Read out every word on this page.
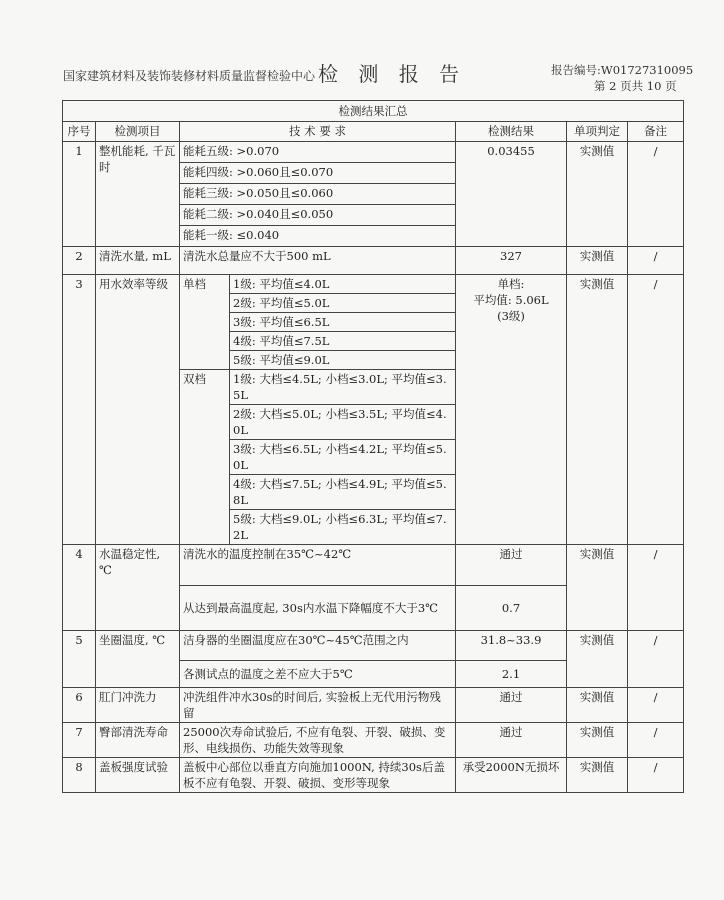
国家建筑材料及装饰装修材料质量监督检验中心 检 测 报 告	报告编号:W01727310095
第 2 页共 10 页
检测结果汇总						
序号	检测项目	技 术 要 求		检测结果	单项判定	备注
1	整机能耗, 千瓦时	能耗五级: >0.070		0.03455	实测值	/
		能耗四级: >0.060且≤0.070				
		能耗三级: >0.050且≤0.060				
		能耗二级: >0.040且≤0.050				
		能耗一级: ≤0.040				
2	清洗水量, mL	清洗水总量应不大于500 mL		327	实测值	/
3	用水效率等级	单档	1级: 平均值≤4.0L	单档:
平均值: 5.06L
(3级)	实测值	/
			2级: 平均值≤5.0L			
			3级: 平均值≤6.5L			
			4级: 平均值≤7.5L			
			5级: 平均值≤9.0L			
		双档	1级: 大档≤4.5L; 小档≤3.0L; 平均值≤3.5L			
			2级: 大档≤5.0L; 小档≤3.5L; 平均值≤4.0L			
			3级: 大档≤6.5L; 小档≤4.2L; 平均值≤5.0L			
			4级: 大档≤7.5L; 小档≤4.9L; 平均值≤5.8L			
			5级: 大档≤9.0L; 小档≤6.3L; 平均值≤7.2L			
4	水温稳定性, ℃	清洗水的温度控制在35℃~42℃		通过	实测值	/
		从达到最高温度起, 30s内水温下降幅度不大于3℃		0.7		
5	坐圈温度, ℃	洁身器的坐圈温度应在30℃~45℃范围之内		31.8~33.9	实测值	/
		各测试点的温度之差不应大于5℃		2.1		
6	肛门冲洗力	冲洗组件冲水30s的时间后, 实验板上无代用污物残留		通过	实测值	/
7	臀部清洗寿命	25000次寿命试验后, 不应有龟裂、开裂、破损、变形、电线损伤、功能失效等现象		通过	实测值	/
8	盖板强度试验	盖板中心部位以垂直方向施加1000N, 持续30s后盖板不应有龟裂、开裂、破损、变形等现象		承受2000N无损坏	实测值	/
